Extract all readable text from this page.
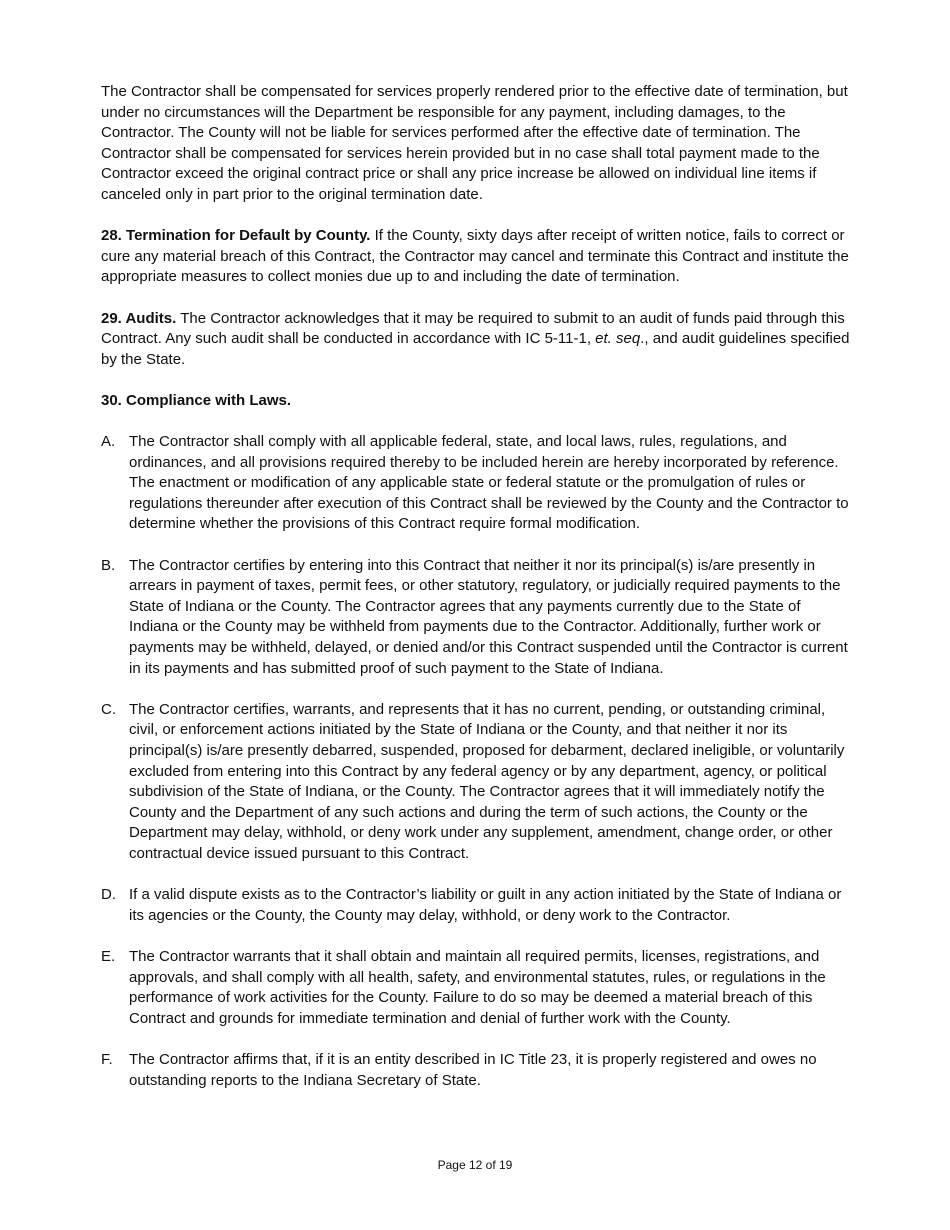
The Contractor shall be compensated for services properly rendered prior to the effective date of termination, but under no circumstances will the Department be responsible for any payment, including damages, to the Contractor. The County will not be liable for services performed after the effective date of termination. The Contractor shall be compensated for services herein provided but in no case shall total payment made to the Contractor exceed the original contract price or shall any price increase be allowed on individual line items if canceled only in part prior to the original termination date.

28. Termination for Default by County. If the County, sixty days after receipt of written notice, fails to correct or cure any material breach of this Contract, the Contractor may cancel and terminate this Contract and institute the appropriate measures to collect monies due up to and including the date of termination.

29. Audits. The Contractor acknowledges that it may be required to submit to an audit of funds paid through this Contract. Any such audit shall be conducted in accordance with IC 5-11-1, et. seq., and audit guidelines specified by the State.

30. Compliance with Laws.

A. The Contractor shall comply with all applicable federal, state, and local laws, rules, regulations, and ordinances, and all provisions required thereby to be included herein are hereby incorporated by reference. The enactment or modification of any applicable state or federal statute or the promulgation of rules or regulations thereunder after execution of this Contract shall be reviewed by the County and the Contractor to determine whether the provisions of this Contract require formal modification.
B. The Contractor certifies by entering into this Contract that neither it nor its principal(s) is/are presently in arrears in payment of taxes, permit fees, or other statutory, regulatory, or judicially required payments to the State of Indiana or the County. The Contractor agrees that any payments currently due to the State of Indiana or the County may be withheld from payments due to the Contractor. Additionally, further work or payments may be withheld, delayed, or denied and/or this Contract suspended until the Contractor is current in its payments and has submitted proof of such payment to the State of Indiana.
C. The Contractor certifies, warrants, and represents that it has no current, pending, or outstanding criminal, civil, or enforcement actions initiated by the State of Indiana or the County, and that neither it nor its principal(s) is/are presently debarred, suspended, proposed for debarment, declared ineligible, or voluntarily excluded from entering into this Contract by any federal agency or by any department, agency, or political subdivision of the State of Indiana, or the County. The Contractor agrees that it will immediately notify the County and the Department of any such actions and during the term of such actions, the County or the Department may delay, withhold, or deny work under any supplement, amendment, change order, or other contractual device issued pursuant to this Contract.
D. If a valid dispute exists as to the Contractor’s liability or guilt in any action initiated by the State of Indiana or its agencies or the County, the County may delay, withhold, or deny work to the Contractor.
E. The Contractor warrants that it shall obtain and maintain all required permits, licenses, registrations, and approvals, and shall comply with all health, safety, and environmental statutes, rules, or regulations in the performance of work activities for the County. Failure to do so may be deemed a material breach of this Contract and grounds for immediate termination and denial of further work with the County.
F.	The Contractor affirms that, if it is an entity described in IC Title 23, it is properly registered and owes no outstanding reports to the Indiana Secretary of State.
Page 12 of 19
